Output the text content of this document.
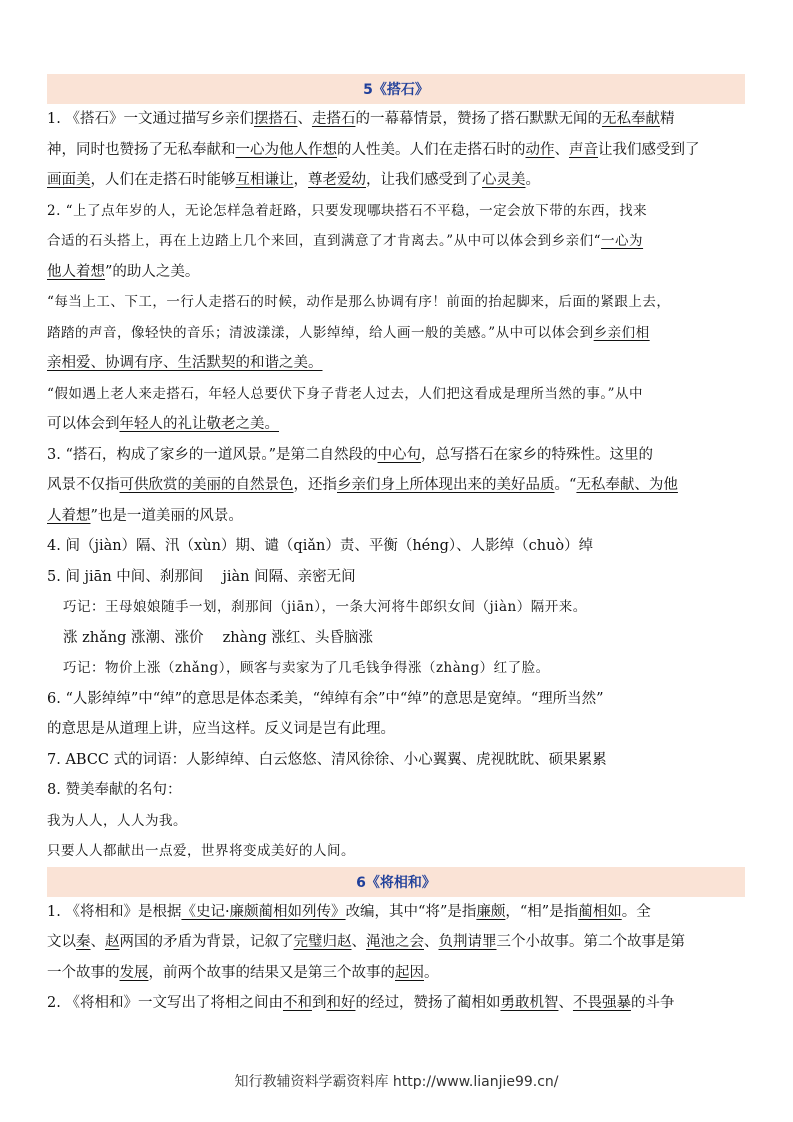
5《搭石》
1. 《搭石》一文通过描写乡亲们摆搭石、走搭石的一幕幕情景，赞扬了搭石默默无闻的无私奉献精
神，同时也赞扬了无私奉献和一心为他人作想的人性美。人们在走搭石时的动作、声音让我们感受到了
画面美，人们在走搭石时能够互相谦让，尊老爱幼，让我们感受到了心灵美。
2. “上了点年岁的人，无论怎样急着赶路，只要发现哪块搭石不平稳，一定会放下带的东西，找来
合适的石头搭上，再在上边踏上几个来回，直到满意了才肯离去。”从中可以体会到乡亲们“一心为
他人着想”的助人之美。
“每当上工、下工，一行人走搭石的时候，动作是那么协调有序！前面的抬起脚来，后面的紧跟上去，
踏踏的声音，像轻快的音乐；清波漾漾，人影绰绰，给人画一般的美感。”从中可以体会到乡亲们相
亲相爱、协调有序、生活默契的和谐之美。
“假如遇上老人来走搭石，年轻人总要伏下身子背老人过去，人们把这看成是理所当然的事。”从中
可以体会到年轻人的礼让敬老之美。
3. “搭石，构成了家乡的一道风景。”是第二自然段的中心句，总写搭石在家乡的特殊性。这里的
风景不仅指可供欣赏的美丽的自然景色，还指乡亲们身上所体现出来的美好品质。“无私奉献、为他
人着想”也是一道美丽的风景。
4. 间（jiàn）隔、汛（xùn）期、谴（qiǎn）责、平衡（héng）、人影绰（chuò）绰
5. 间 jiān 中间、刹那间　 jiàn 间隔、亲密无间
巧记：王母娘娘随手一划，刹那间（jiān），一条大河将牛郎织女间（jiàn）隔开来。
涨 zhǎng 涨潮、涨价　 zhàng 涨红、头昏脑涨
巧记：物价上涨（zhǎng），顾客与卖家为了几毛钱争得涨（zhàng）红了脸。
6. “人影绰绰”中“绰”的意思是体态柔美，“绰绰有余”中“绰”的意思是宽绰。“理所当然”
的意思是从道理上讲，应当这样。反义词是岂有此理。
7. ABCC 式的词语：人影绰绰、白云悠悠、清风徐徐、小心翼翼、虎视眈眈、硕果累累
8. 赞美奉献的名句：
我为人人，人人为我。
只要人人都献出一点爱，世界将变成美好的人间。
6《将相和》
1. 《将相和》是根据《史记·廉颇蔺相如列传》改编，其中“将”是指廉颇，“相”是指蔺相如。全
文以秦、赵两国的矛盾为背景，记叙了完璧归赵、渑池之会、负荆请罪三个小故事。第二个故事是第
一个故事的发展，前两个故事的结果又是第三个故事的起因。
2. 《将相和》一文写出了将相之间由不和到和好的经过，赞扬了蔺相如勇敢机智、不畏强暴的斗争
知行教辅资料学霸资料库 http://www.lianjie99.cn/
